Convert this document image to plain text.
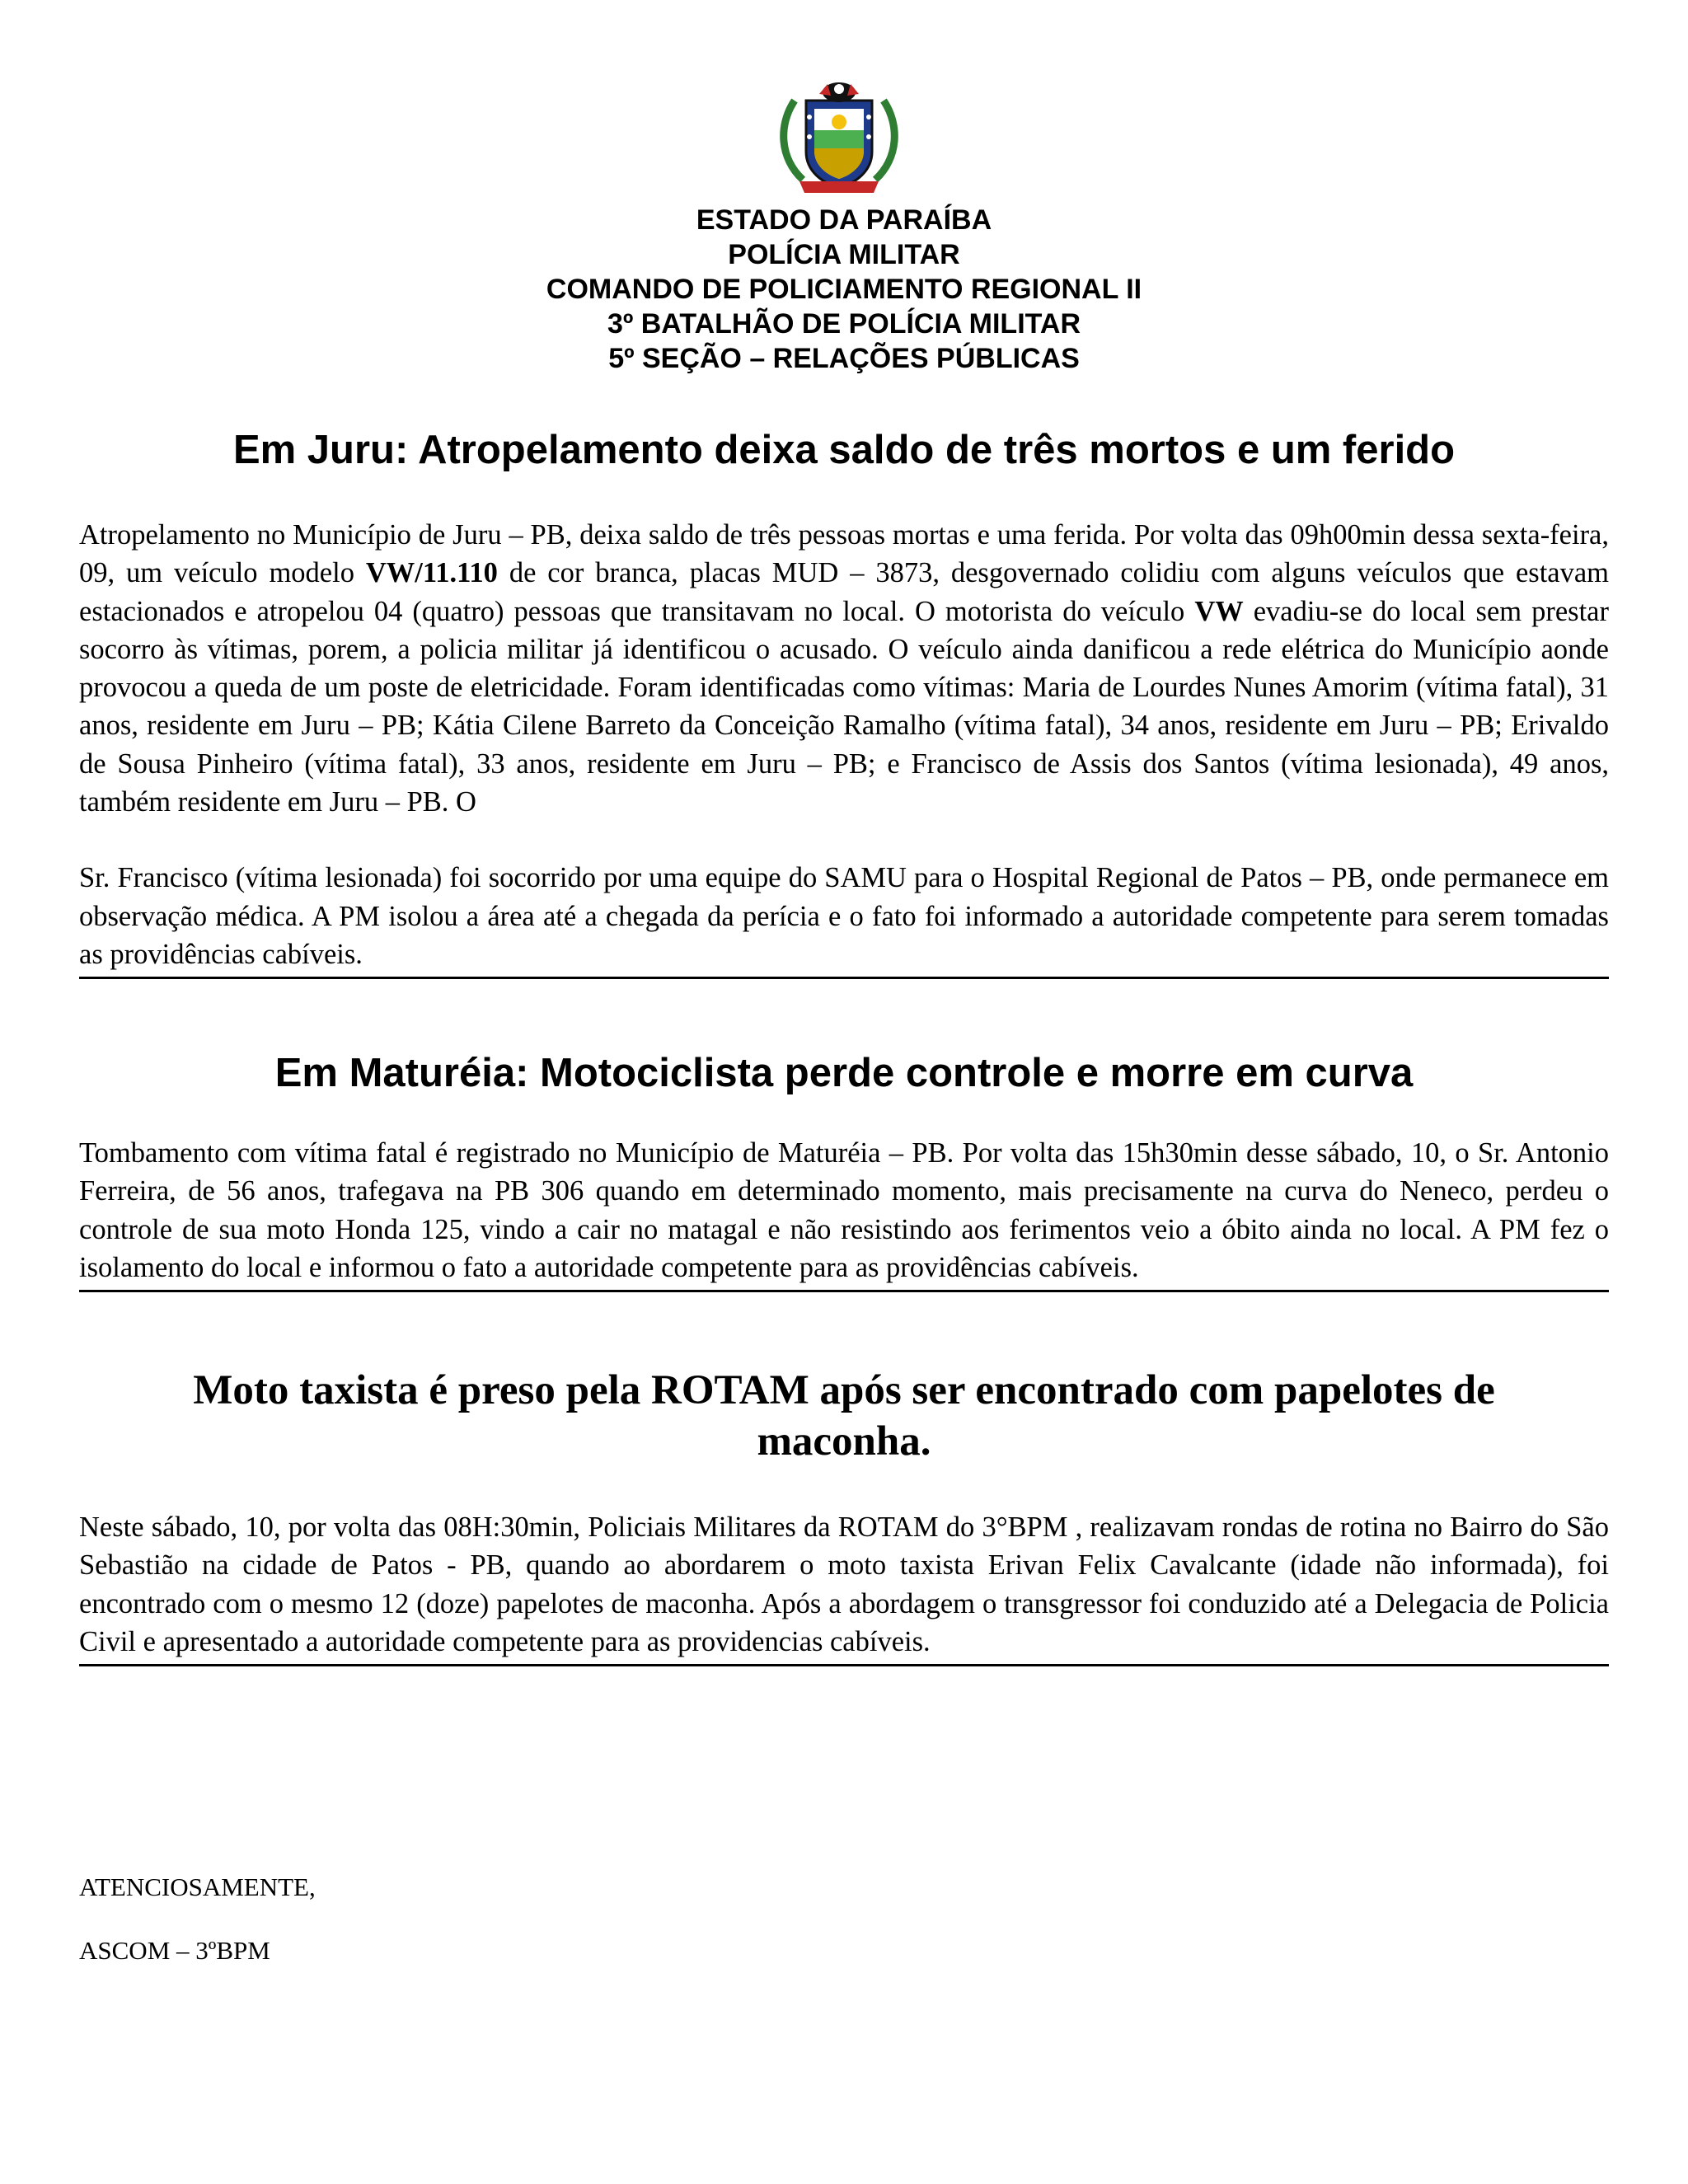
ESTADO DA PARAÍBA
POLÍCIA MILITAR
COMANDO DE POLICIAMENTO REGIONAL II
3º BATALHÃO DE POLÍCIA MILITAR
5º SEÇÃO – RELAÇÕES PÚBLICAS
Em Juru: Atropelamento deixa saldo de três mortos e um ferido

Atropelamento no Município de Juru – PB, deixa saldo de três pessoas mortas e uma ferida. Por volta das 09h00min dessa sexta-feira, 09, um veículo modelo VW/11.110 de cor branca, placas MUD – 3873, desgovernado colidiu com alguns veículos que estavam estacionados e atropelou 04 (quatro) pessoas que transitavam no local. O motorista do veículo VW evadiu-se do local sem prestar socorro às vítimas, porem, a policia militar já identificou o acusado. O veículo ainda danificou a rede elétrica do Município aonde provocou a queda de um poste de eletricidade. Foram identificadas como vítimas: Maria de Lourdes Nunes Amorim (vítima fatal), 31 anos, residente em Juru – PB; Kátia Cilene Barreto da Conceição Ramalho (vítima fatal), 34 anos, residente em Juru – PB; Erivaldo de Sousa Pinheiro (vítima fatal), 33 anos, residente em Juru – PB; e Francisco de Assis dos Santos (vítima lesionada), 49 anos, também residente em Juru – PB. O

Sr. Francisco (vítima lesionada) foi socorrido por uma equipe do SAMU para o Hospital Regional de Patos – PB, onde permanece em observação médica. A PM isolou a área até a chegada da perícia e o fato foi informado a autoridade competente para serem tomadas as providências cabíveis.

Em Maturéia: Motociclista perde controle e morre em curva

Tombamento com vítima fatal é registrado no Município de Maturéia – PB. Por volta das 15h30min desse sábado, 10, o Sr. Antonio Ferreira, de 56 anos, trafegava na PB 306 quando em determinado momento, mais precisamente na curva do Neneco, perdeu o controle de sua moto Honda 125, vindo a cair no matagal e não resistindo aos ferimentos veio a óbito ainda no local. A PM fez o isolamento do local e informou o fato a autoridade competente para as providências cabíveis.

Moto taxista é preso pela ROTAM após ser encontrado com papelotes de maconha.

Neste sábado, 10, por volta das 08H:30min, Policiais Militares da ROTAM do 3°BPM , realizavam rondas de rotina no Bairro do São Sebastião na cidade de Patos - PB, quando ao abordarem o moto taxista Erivan Felix Cavalcante (idade não informada), foi encontrado com o mesmo 12 (doze) papelotes de maconha. Após a abordagem o transgressor foi conduzido até a Delegacia de Policia Civil e apresentado a autoridade competente para as providencias cabíveis.

ATENCIOSAMENTE,
ASCOM – 3ºBPM
